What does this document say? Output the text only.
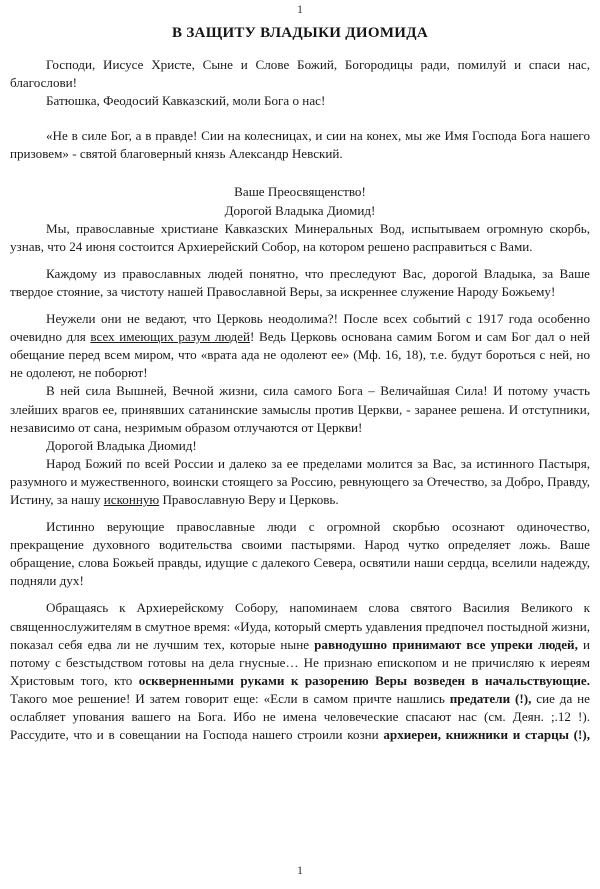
1
В ЗАЩИТУ ВЛАДЫКИ ДИОМИДА

Господи, Иисусе Христе, Сыне и Слове Божий, Богородицы ради, помилуй и спаси нас, благослови!

Батюшка, Феодосий Кавказский, моли Бога о нас!

«Не в силе Бог, а в правде! Сии на колесницах, и сии на конех, мы же Имя Господа Бога нашего призовем» - святой благоверный князь Александр Невский.

Ваше Преосвященство!

Дорогой Владыка Диомид!

Мы, православные христиане Кавказских Минеральных Вод, испытываем огромную скорбь, узнав, что 24 июня состоится Архиерейский Собор, на котором решено расправиться с Вами.

Каждому из православных людей понятно, что преследуют Вас, дорогой Владыка, за Ваше твердое стояние, за чистоту нашей Православной Веры, за искреннее служение Народу Божьему!

Неужели они не ведают, что Церковь неодолима?! После всех событий с 1917 года особенно очевидно для всех имеющих разум людей! Ведь Церковь основана самим Богом и сам Бог дал о ней обещание перед всем миром, что «врата ада не одолеют ее» (Мф. 16, 18), т.е. будут бороться с ней, но не одолеют, не поборют!

В ней сила Вышней, Вечной жизни, сила самого Бога – Величайшая Сила! И потому участь злейших врагов ее, принявших сатанинские замыслы против Церкви, - заранее решена. И отступники, независимо от сана, незримым образом отлучаются от Церкви!

Дорогой Владыка Диомид!

Народ Божий по всей России и далеко за ее пределами молится за Вас, за истинного Пастыря, разумного и мужественного, воински стоящего за Россию, ревнующего за Отечество, за Добро, Правду, Истину, за нашу исконную Православную Веру и Церковь.

Истинно верующие православные люди с огромной скорбью осознают одиночество, прекращение духовного водительства своими пастырями. Народ чутко определяет ложь. Ваше обращение, слова Божьей правды, идущие с далекого Севера, освятили наши сердца, вселили надежду, подняли дух!

Обращаясь к Архиерейскому Собору, напоминаем слова святого Василия Великого к священнослужителям в смутное время: «Иуда, который смерть удавления предпочел постыдной жизни, показал себя едва ли не лучшим тех, которые ныне равнодушно принимают все упреки людей, и потому с безстыдством готовы на дела гнусные… Не признаю епископом и не причисляю к иереям Христовым того, кто оскверненными руками к разорению Веры возведен в начальствующие. Такого мое решение! И затем говорит еще: «Если в самом причте нашлись предатели (!), сие да не ослабляет упования вашего на Бога. Ибо не имена человеческие спасают нас (см. Деян. ;.12 !). Рассудите, что и в совещании на Господа нашего строили козни архиереи, книжники и старцы (!),

1
